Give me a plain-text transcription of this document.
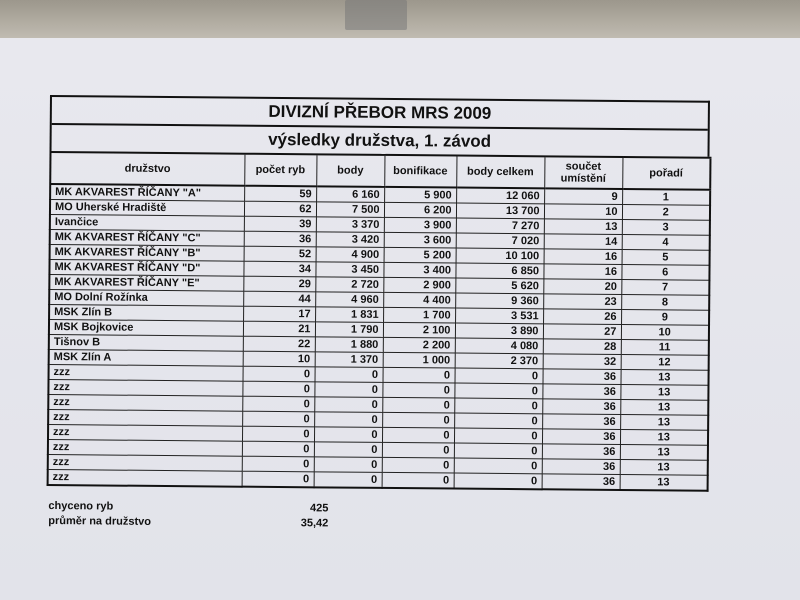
DIVIZNÍ PŘEBOR MRS 2009
výsledky družstva, 1. závod
družstvo	počet ryb	body	bonifikace	body celkem	součet umístění	pořadí
MK AKVAREST ŘÍČANY "A"	59	6 160	5 900	12 060	9	1
MO Uherské Hradiště	62	7 500	6 200	13 700	10	2
Ivančice	39	3 370	3 900	7 270	13	3
MK AKVAREST ŘÍČANY "C"	36	3 420	3 600	7 020	14	4
MK AKVAREST ŘÍČANY "B"	52	4 900	5 200	10 100	16	5
MK AKVAREST ŘÍČANY "D"	34	3 450	3 400	6 850	16	6
MK AKVAREST ŘÍČANY "E"	29	2 720	2 900	5 620	20	7
MO Dolní Rožínka	44	4 960	4 400	9 360	23	8
MSK Zlín B	17	1 831	1 700	3 531	26	9
MSK Bojkovice	21	1 790	2 100	3 890	27	10
Tišnov B	22	1 880	2 200	4 080	28	11
MSK Zlín A	10	1 370	1 000	2 370	32	12
zzz	0	0	0	0	36	13
zzz	0	0	0	0	36	13
zzz	0	0	0	0	36	13
zzz	0	0	0	0	36	13
zzz	0	0	0	0	36	13
zzz	0	0	0	0	36	13
zzz	0	0	0	0	36	13
zzz	0	0	0	0	36	13
chyceno ryb	425
průměr na družstvo	35,42
